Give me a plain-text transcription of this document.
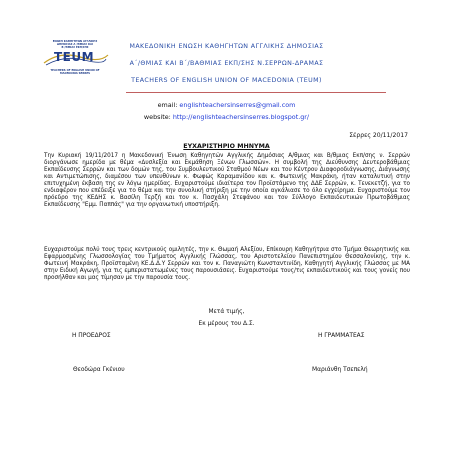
ΕΝΩΣΗ ΚΑΘΗΓΗΤΩΝ ΑΓΓΛΙΚΗΣ
ΔΗΜΟΣΙΑΣ Α΄/ΘΜΙΑΣ ΚΑΙ
Β΄/ΘΜΙΑΣ ΕΚΠ/ΣΗΣ
TEUM
TEACHERS OF ENGLISH UNION OF
MACEDONIA SERRES
ΜΑΚΕΔΟΝΙΚΗ ΕΝΩΣΗ ΚΑΘΗΓΗΤΩΝ ΑΓΓΛΙΚΗΣ ΔΗΜΟΣΙΑΣ
Α΄/ΘΜΙΑΣ ΚΑΙ Β΄/ΒΑΘΜΙΑΣ ΕΚΠ/ΣΗΣ Ν.ΣΕΡΡΩΝ-ΔΡΑΜΑΣ
TEACHERS OF ENGLISH UNION OF MACEDONIA (TEUM)
email: englishteachersinserres@gmail.com
website: http://englishteachersinserres.blogspot.gr/
Σέρρες 20/11/2017
ΕΥΧΑΡΙΣΤΗΡΙΟ ΜΗΝΥΜΑ
Την Κυριακή 19/11/2017 η Μακεδονική Ένωση Καθηγητών Αγγλικής Δημόσιας Α/θμιας και Β/θμιας Εκπ/σης ν. Σερρών διοργάνωσε ημερίδα με θέμα «Δυσλεξία και Εκμάθηση Ξένων Γλωσσών». Η συμβολή της Διεύθυνσης Δευτεροβάθμιας Εκπαίδευσης Σερρών και των δομών της, του Συμβουλευτικού Σταθμού Νέων και του Κέντρου Διαφοροδιάγνωσης, Διάγνωσης και Αντιμετώπισης, διαμέσου των υπευθύνων κ. Φωφώς Καραμανίδου και κ. Φωτεινής Μακράκη, ήταν καταλυτική στην επιτυχημένη έκβαση της εν λόγω ημερίδας. Ευχαριστούμε ιδιαίτερα τον Προϊστάμενο της ΔΔΕ Σερρών, κ. Τενεκετζή, για το ενδιαφέρον που επέδειξε για το θέμα και την συνολική στήριξη με την οποία αγκάλιασε το όλο εγχείρημα. Ευχαριστούμε τον πρόεδρο της ΚΕΔΗΣ κ. Βασίλη Τερζή και τον κ. Πασχάλη Στεφάνου και τον Σύλλογο Εκπαιδευτικών Πρωτοβάθμιας Εκπαίδευσης "Εμμ. Παππάς" για την οργανωτική υποστήριξη.
Ευχαριστούμε πολύ τους τρεις κεντρικούς ομιλητές, την κ. Θωμαή Αλεξίου, Επίκουρη Καθηγήτρια στο Τμήμα Θεωρητικής και Εφαρμοσμένης Γλωσσολογίας του Τμήματος Αγγλικής Γλώσσας, του Αριστοτελείου Πανεπιστημίου Θεσσαλονίκης, την κ. Φωτεινή Μακράκη, Προϊσταμένη ΚΕ.Δ.Δ.Υ Σερρών και τον κ. Παναγιώτη Κωνσταντινίδη, Καθηγητή Αγγλικής Γλώσσας με ΜΑ στην Ειδική Αγωγή, για τις εμπεριστατωμένες τους παρουσιάσεις. Ευχαριστούμε τους/τις εκπαιδευτικούς και τους γονείς που προσήλθαν και μας τίμησαν με την παρουσία τους.
Μετά τιμής,
Εκ μέρους του Δ.Σ.
Η ΠΡΟΕΔΡΟΣ	Η ΓΡΑΜΜΑΤΕΑΣ
Θεοδώρα Γκένιου	Μαριάνθη Τσεπελή
